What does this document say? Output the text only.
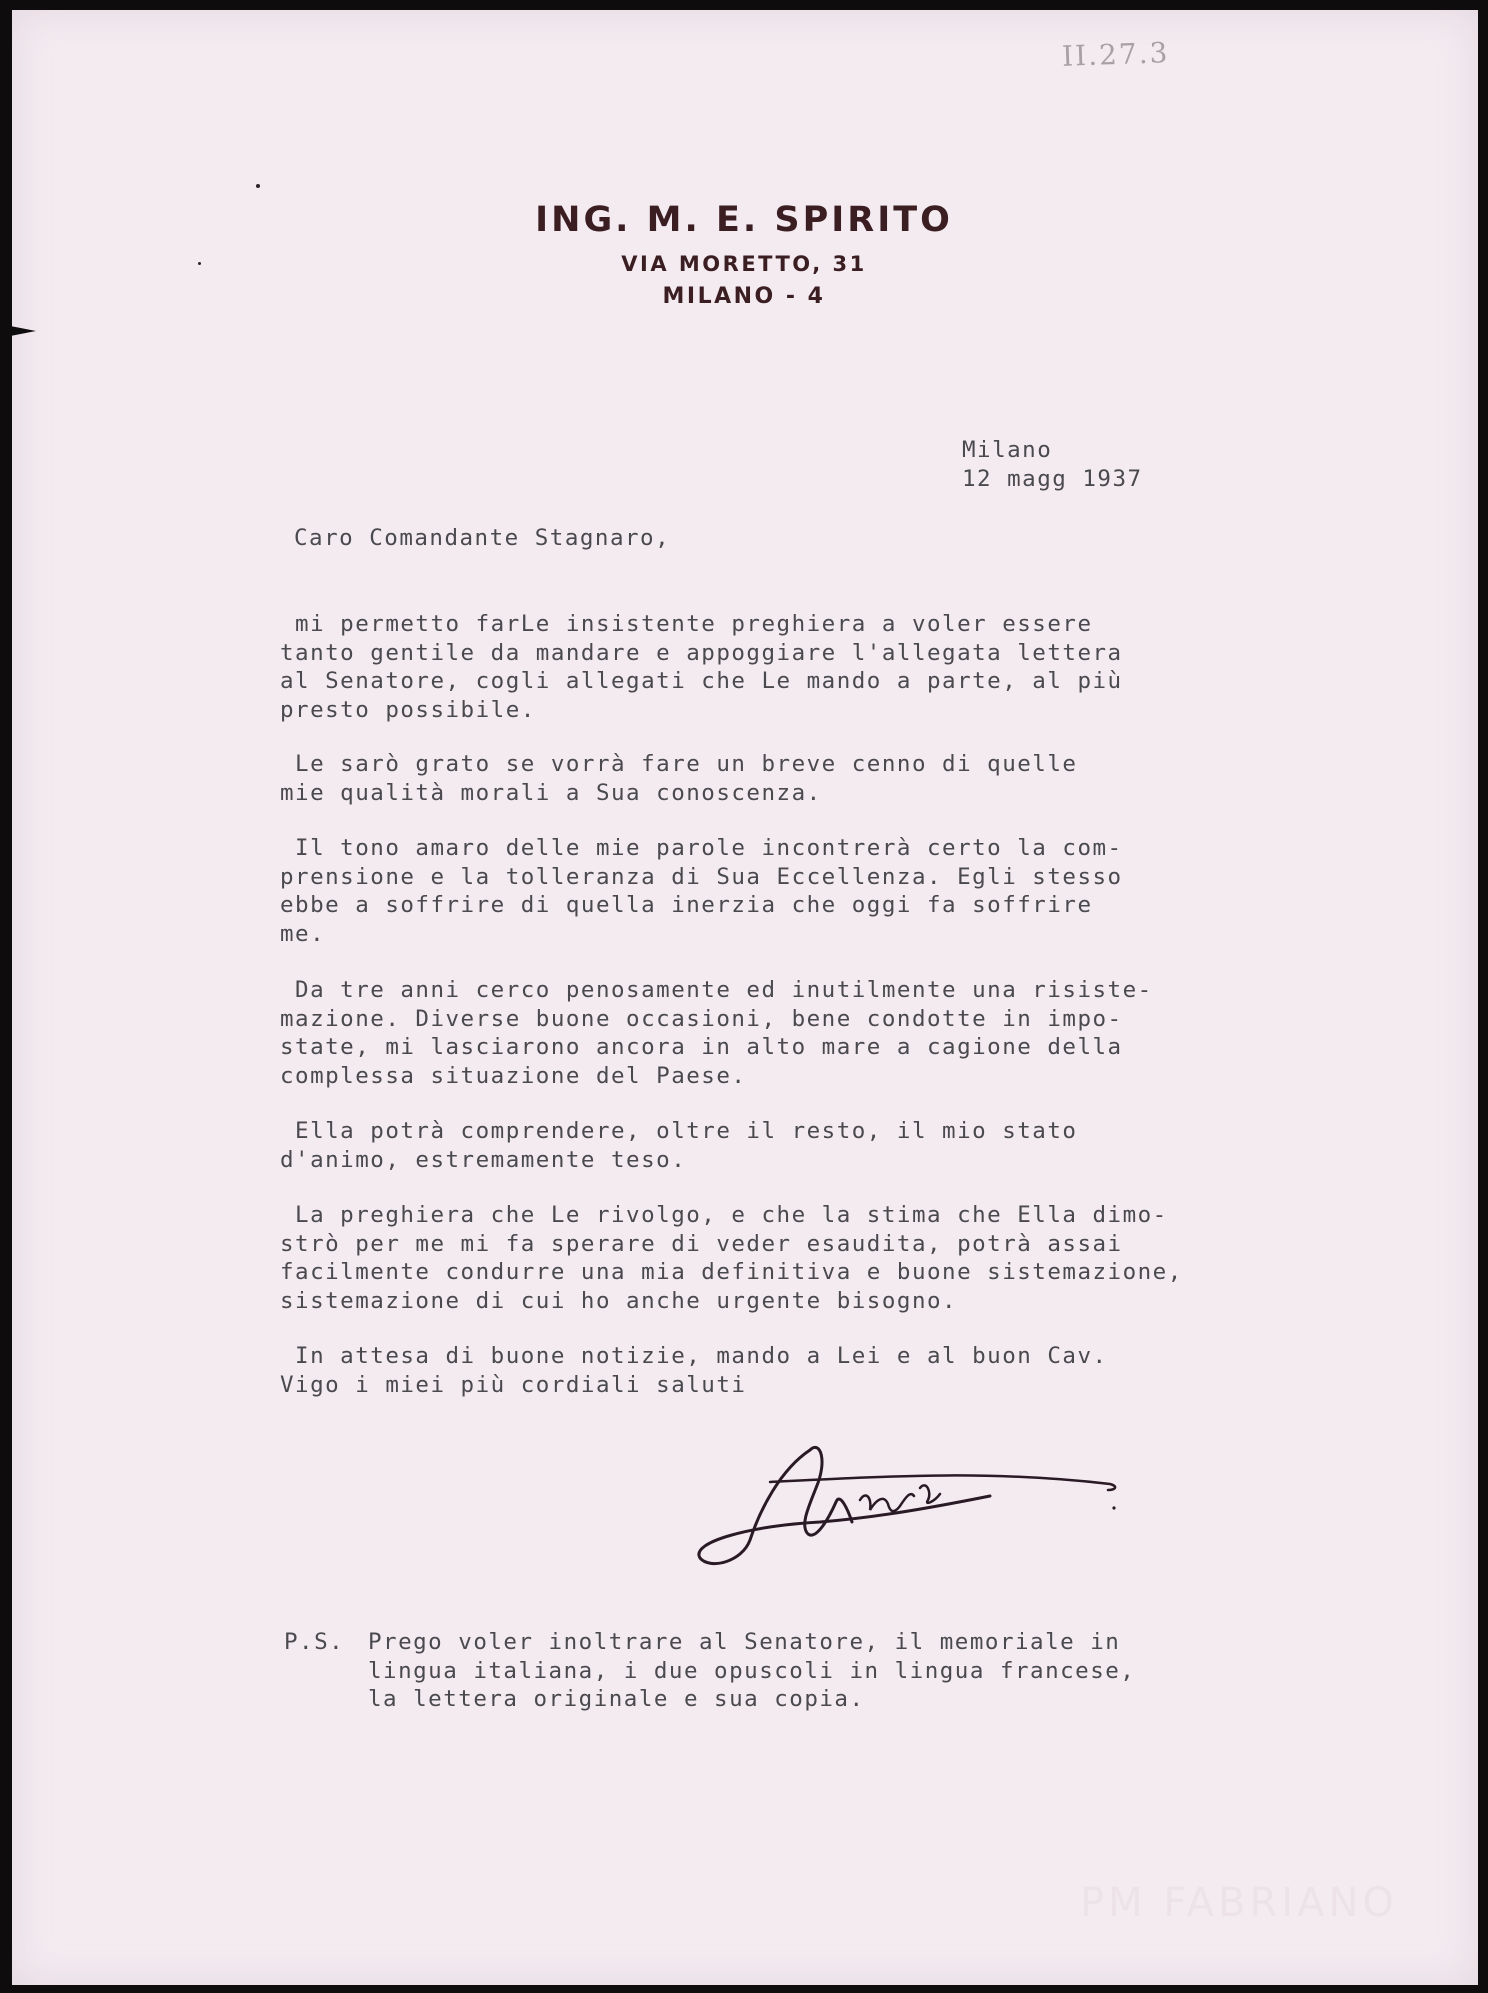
II.27.3
ING. M. E. SPIRITO
VIA MORETTO, 31
MILANO - 4
Milano
12 magg 1937
Caro Comandante Stagnaro,
mi permetto farLe insistente preghiera a voler essere
tanto gentile da mandare e appoggiare l'allegata lettera
al Senatore, cogli allegati che Le mando a parte, al più
presto possibile.
Le sarò grato se vorrà fare un breve cenno di quelle
mie qualità morali a Sua conoscenza.
Il tono amaro delle mie parole incontrerà certo la com-
prensione e la tolleranza di Sua Eccellenza. Egli stesso
ebbe a soffrire di quella inerzia che oggi fa soffrire
me.
Da tre anni cerco penosamente ed inutilmente una risiste-
mazione. Diverse buone occasioni, bene condotte in impo-
state, mi lasciarono ancora in alto mare a cagione della
complessa situazione del Paese.
Ella potrà comprendere, oltre il resto, il mio stato
d'animo, estremamente teso.
La preghiera che Le rivolgo, e che la stima che Ella dimo-
strò per me mi fa sperare di veder esaudita, potrà assai
facilmente condurre una mia definitiva e buone sistemazione,
sistemazione di cui ho anche urgente bisogno.
In attesa di buone notizie, mando a Lei e al buon Cav.
Vigo i miei più cordiali saluti
P.S. Prego voler inoltrare al Senatore, il memoriale in
lingua italiana, i due opuscoli in lingua francese,
la lettera originale e sua copia.
PM FABRIANO
